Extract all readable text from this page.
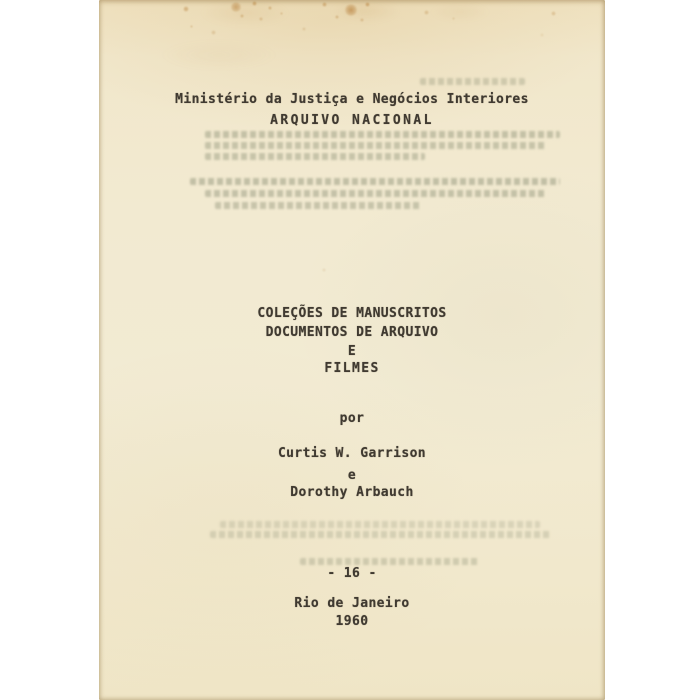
Ministério da Justiça e Negócios Interiores
ARQUIVO NACIONAL
COLEÇÕES DE MANUSCRITOS
DOCUMENTOS DE ARQUIVO
E
FILMES
por
Curtis W. Garrison
e
Dorothy Arbauch
- 16 -
Rio de Janeiro
1960
